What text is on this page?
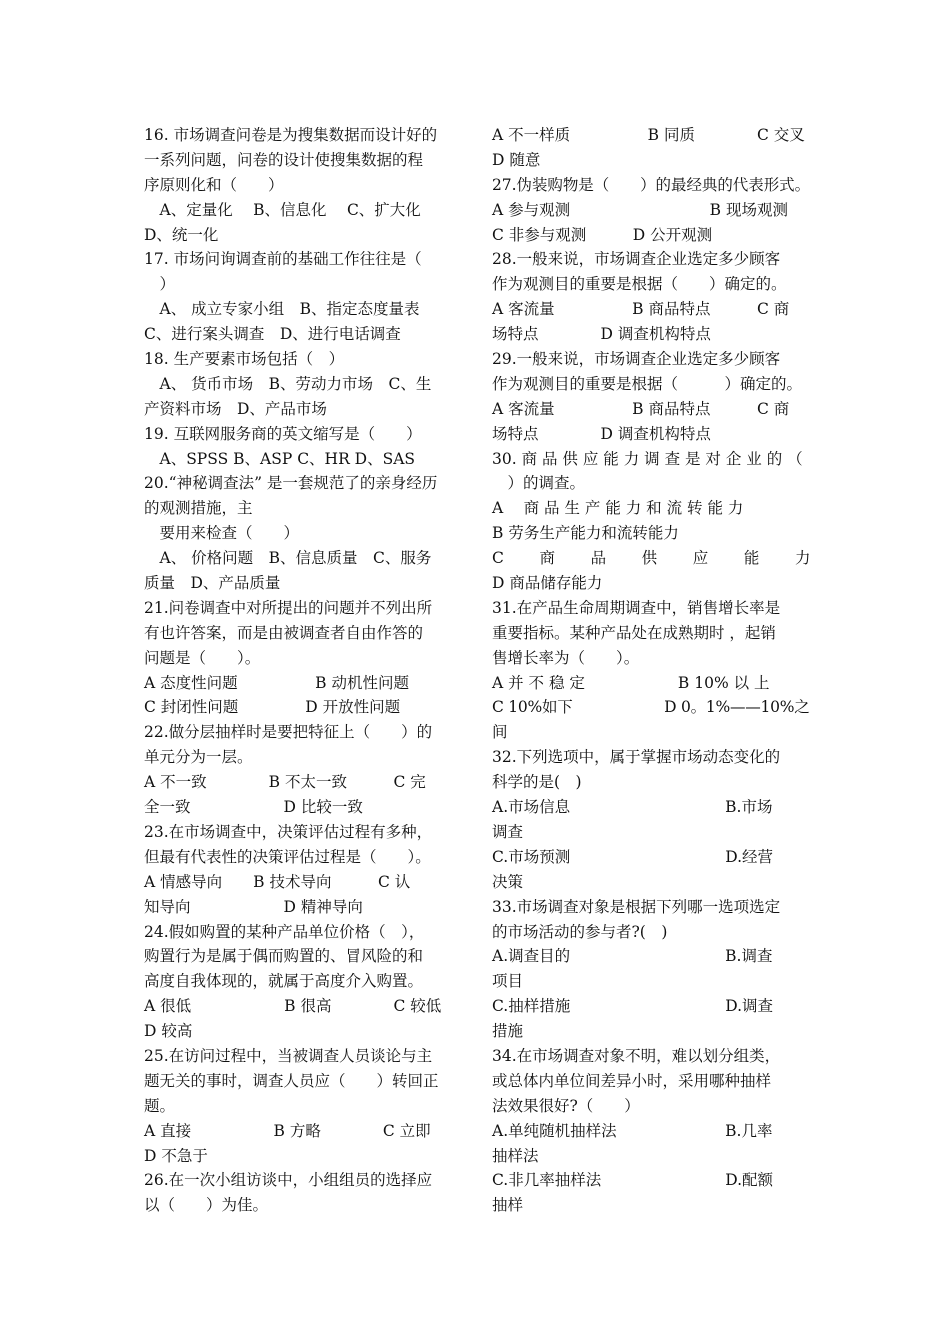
16. 市场调查问卷是为搜集数据而设计好的
一系列问题，问卷的设计使搜集数据的程
序原则化和（　　）
　A、定量化　 B、信息化　 C、扩大化
D、统一化
17. 市场问询调查前的基础工作往往是（
　）
　A、 成立专家小组　B、指定态度量表
C、进行案头调查　D、进行电话调查
18. 生产要素市场包括（　）
　A、 货币市场　B、劳动力市场　C、生
产资料市场　D、产品市场
19. 互联网服务商的英文缩写是（　　）
　A、SPSS B、ASP C、HR D、SAS
20.“神秘调查法” 是一套规范了的亲身经历
的观测措施，主
　要用来检查（　　）
　A、 价格问题　B、信息质量　C、服务
质量　D、产品质量
21.问卷调查中对所提出的问题并不列出所
有也许答案，而是由被调查者自由作答的
问题是（　　）。
A 态度性问题　　　　　B 动机性问题
C 封闭性问题　　　　 D 开放性问题
22.做分层抽样时是要把特征上（　　）的
单元分为一层。
A 不一致　　　　B 不太一致　　　C 完
全一致　　　　　　D 比较一致
23.在市场调查中，决策评估过程有多种，
但最有代表性的决策评估过程是（　　）。
A 情感导向　　B 技术导向　　　C 认
知导向　　　　　　D 精神导向
24.假如购置的某种产品单位价格（　），
购置行为是属于偶而购置的、冒风险的和
高度自我体现的，就属于高度介入购置。
A 很低　　　　　　B 很高　　　　C 较低
D 较高
25.在访问过程中，当被调查人员谈论与主
题无关的事时，调查人员应（　　）转回正
题。
A 直接　　　　　 B 方略　　　　C 立即
D 不急于
26.在一次小组访谈中，小组组员的选择应
以（　　）为佳。
A 不一样质　　　　　B 同质　　　　C 交叉
D 随意
27.伪装购物是（　　）的最经典的代表形式。
A 参与观测　　　　　　　　　B 现场观测
C 非参与观测　　　D 公开观测
28.一般来说，市场调查企业选定多少顾客
作为观测目的重要是根据（　　）确定的。
A 客流量　　　　　B 商品特点　　　C 商
场特点　　　　D 调查机构特点
29.一般来说，市场调查企业选定多少顾客
作为观测目的重要是根据（　　　）确定的。
A 客流量　　　　　B 商品特点　　　C 商
场特点　　　　D 调查机构特点
30. 商 品 供 应 能 力 调 查 是 对 企 业 的 （
　）的调查。
A　 商 品 生 产 能 力 和 流 转 能 力
B 劳务生产能力和流转能力
C　　 商　　 品　　 供　　 应　　 能　　 力
D 商品储存能力
31.在产品生命周期调查中，销售增长率是
重要指标。某种产品处在成熟期时 ，起销
售增长率为（　　）。
A 并 不 稳 定　　　　　　B 10% 以 上
C 10%如下　　　　　　D 0。1%——10%之
间
32.下列选项中，属于掌握市场动态变化的
科学的是(　)
A.市场信息　　　　　　　　　　B.市场
调查
C.市场预测　　　　　　　　　　D.经营
决策
33.市场调查对象是根据下列哪一选项选定
的市场活动的参与者?(　)
A.调查目的　　　　　　　　　　B.调查
项目
C.抽样措施　　　　　　　　　　D.调查
措施
34.在市场调查对象不明，难以划分组类，
或总体内单位间差异小时，采用哪种抽样
法效果很好?（　　）
A.单纯随机抽样法　　　　　　　B.几率
抽样法
C.非几率抽样法　　　　　　　　D.配额
抽样
